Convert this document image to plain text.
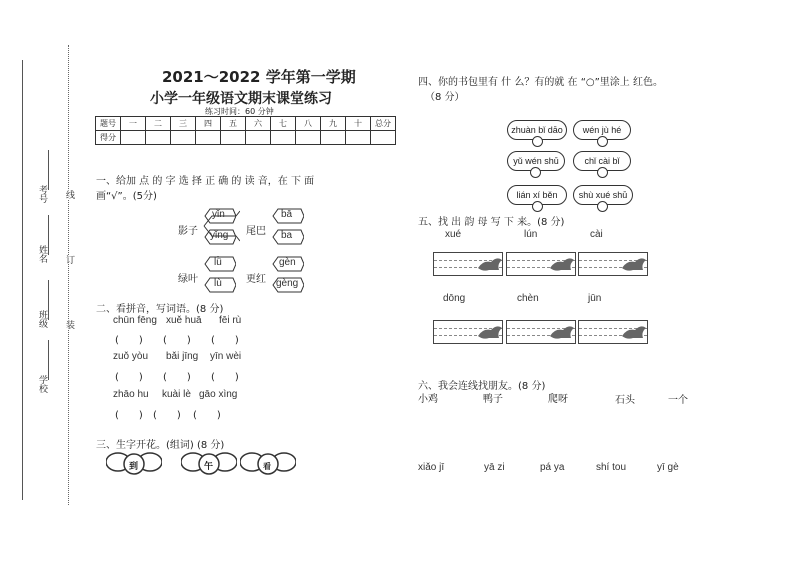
考号
姓名
班级
学校
线
订
装
2021～2022 学年第一学期
小学一年级语文期末课堂练习
练习时间：60 分钟
题号	一	二	三	四	五	六	七	八	九	十	总分
得分											
一、给加 点 的 字 选 择 正 确 的 读 音，在 下 面
画“√”。(5分)
影子
yǐn
yǐng 尾巴
bā
ba
绿叶
lǜ
lù 更红
gèn
gèng
二、看拼音，写词语。(8 分)
chūn fēng xuě huā fēi rù
(　　) (　　) (　　)
zuǒ yòu bǎi jīng yīn wèi
(　　) (　　) (　　)
zhāo hu kuài lè gāo xìng
(　　) (　　) (　　)
三、生字开花。(组词) (8 分)
到	午	看
四、你的书包里有 什 么？有的就 在 “○”里涂上 红色。
（8 分）
zhuàn bǐ dāo	wén jù hé
yǔ wén shū	chǐ cài bǐ
lián xí běn	shù xué shū
五、找 出 韵 母 写 下 来。(8 分)
xué	lún	cài
dōng	chèn	jūn
六、我会连线找朋友。(8 分)
小鸡	鸭子	爬呀	石头	一个
xiǎo jī	yā zi	pá ya	shí tou	yī gè
